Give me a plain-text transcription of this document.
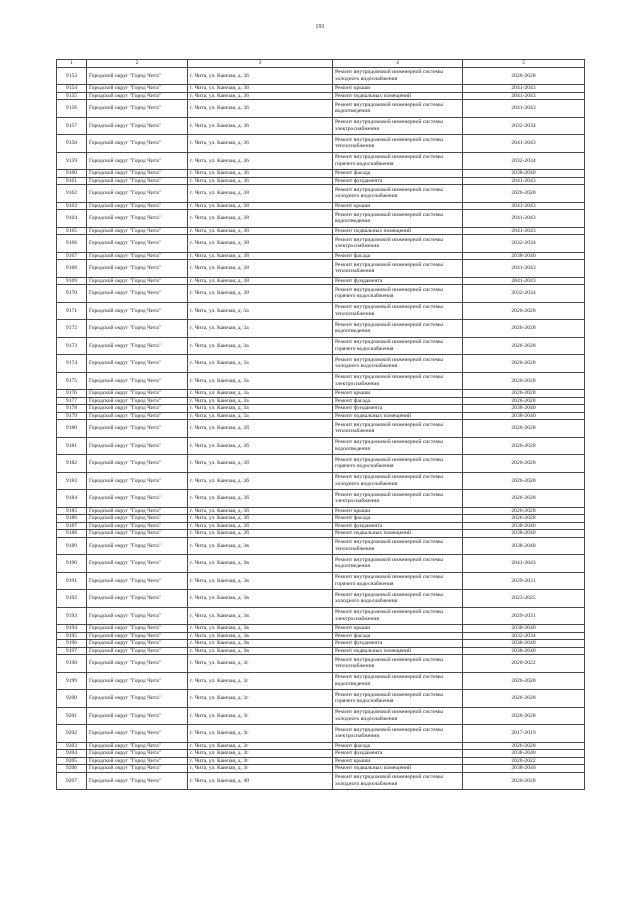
191
1	2	3	4	5
9153	Городской округ "Город Чита"	г. Чита, ул. Каючая, д. 36	Ремонт внутридомовой инженерной системы холодного водоснабжения	2026-2028
9154	Городской округ "Город Чита"	г. Чита, ул. Каючая, д. 36	Ремонт крыши	2041-2043
9155	Городской округ "Город Чита"	г. Чита, ул. Каючая, д. 36	Ремонт подвальных помещений	2041-2043
9156	Городской округ "Город Чита"	г. Чита, ул. Каючая, д. 36	Ремонт внутридомовой инженерной системы водоотведения	2041-2043
9157	Городской округ "Город Чита"	г. Чита, ул. Каючая, д. 36	Ремонт внутридомовой инженерной системы электроснабжения	2032-2034
9158	Городской округ "Город Чита"	г. Чита, ул. Каючая, д. 36	Ремонт внутридомовой инженерной системы теплоснабжения	2041-2043
9159	Городской округ "Город Чита"	г. Чита, ул. Каючая, д. 36	Ремонт внутридомовой инженерной системы горячего водоснабжения	2032-2034
9160	Городской округ "Город Чита"	г. Чита, ул. Каючая, д. 36	Ремонт фасада	2038-2040
9161	Городской округ "Город Чита"	г. Чита, ул. Каючая, д. 36	Ремонт фундамента	2041-2043
9162	Городской округ "Город Чита"	г. Чита, ул. Каючая, д. 38	Ремонт внутридомовой инженерной системы холодного водоснабжения	2026-2028
9163	Городской округ "Город Чита"	г. Чита, ул. Каючая, д. 38	Ремонт крыши	2041-2043
9164	Городской округ "Город Чита"	г. Чита, ул. Каючая, д. 38	Ремонт внутридомовой инженерной системы водоотведения	2041-2043
9165	Городской округ "Город Чита"	г. Чита, ул. Каючая, д. 38	Ремонт подвальных помещений	2041-2043
9166	Городской округ "Город Чита"	г. Чита, ул. Каючая, д. 38	Ремонт внутридомовой инженерной системы электроснабжения	2032-2034
9167	Городской округ "Город Чита"	г. Чита, ул. Каючая, д. 38	Ремонт фасада	2038-2040
9168	Городской округ "Город Чита"	г. Чита, ул. Каючая, д. 38	Ремонт внутридомовой инженерной системы теплоснабжения	2041-2043
9169	Городской округ "Город Чита"	г. Чита, ул. Каючая, д. 38	Ремонт фундамента	2041-2043
9170	Городской округ "Город Чита"	г. Чита, ул. Каючая, д. 38	Ремонт внутридомовой инженерной системы горячего водоснабжения	2032-2034
9171	Городской округ "Город Чита"	г. Чита, ул. Каючая, д. 3а	Ремонт внутридомовой инженерной системы теплоснабжения	2026-2028
9172	Городской округ "Город Чита"	г. Чита, ул. Каючая, д. 3а	Ремонт внутридомовой инженерной системы водоотведения	2026-2028
9173	Городской округ "Город Чита"	г. Чита, ул. Каючая, д. 3а	Ремонт внутридомовой инженерной системы горячего водоснабжения	2026-2028
9174	Городской округ "Город Чита"	г. Чита, ул. Каючая, д. 3а	Ремонт внутридомовой инженерной системы холодного водоснабжения	2026-2028
9175	Городской округ "Город Чита"	г. Чита, ул. Каючая, д. 3а	Ремонт внутридомовой инженерной системы электроснабжения	2026-2028
9176	Городской округ "Город Чита"	г. Чита, ул. Каючая, д. 3а	Ремонт крыши	2026-2028
9177	Городской округ "Город Чита"	г. Чита, ул. Каючая, д. 3а	Ремонт фасада	2026-2028
9178	Городской округ "Город Чита"	г. Чита, ул. Каючая, д. 3а	Ремонт фундамента	2038-2040
9179	Городской округ "Город Чита"	г. Чита, ул. Каючая, д. 3а	Ремонт подвальных помещений	2038-2040
9180	Городской округ "Город Чита"	г. Чита, ул. Каючая, д. 3б	Ремонт внутридомовой инженерной системы теплоснабжения	2026-2028
9181	Городской округ "Город Чита"	г. Чита, ул. Каючая, д. 3б	Ремонт внутридомовой инженерной системы водоотведения	2026-2028
9182	Городской округ "Город Чита"	г. Чита, ул. Каючая, д. 3б	Ремонт внутридомовой инженерной системы горячего водоснабжения	2026-2028
9183	Городской округ "Город Чита"	г. Чита, ул. Каючая, д. 3б	Ремонт внутридомовой инженерной системы холодного водоснабжения	2026-2028
9184	Городской округ "Город Чита"	г. Чита, ул. Каючая, д. 3б	Ремонт внутридомовой инженерной системы электроснабжения	2026-2028
9185	Городской округ "Город Чита"	г. Чита, ул. Каючая, д. 3б	Ремонт крыши	2026-2028
9186	Городской округ "Город Чита"	г. Чита, ул. Каючая, д. 3б	Ремонт фасада	2026-2028
9187	Городской округ "Город Чита"	г. Чита, ул. Каючая, д. 3б	Ремонт фундамента	2038-2040
9188	Городской округ "Город Чита"	г. Чита, ул. Каючая, д. 3б	Ремонт подвальных помещений	2038-2040
9189	Городской округ "Город Чита"	г. Чита, ул. Каючая, д. 3в	Ремонт внутридомовой инженерной системы теплоснабжения	2038-2040
9190	Городской округ "Город Чита"	г. Чита, ул. Каючая, д. 3в	Ремонт внутридомовой инженерной системы водоотведения	2041-2043
9191	Городской округ "Город Чита"	г. Чита, ул. Каючая, д. 3в	Ремонт внутридомовой инженерной системы горячего водоснабжения	2029-2031
9192	Городской округ "Город Чита"	г. Чита, ул. Каючая, д. 3в	Ремонт внутридомовой инженерной системы холодного водоснабжения	2023-2025
9193	Городской округ "Город Чита"	г. Чита, ул. Каючая, д. 3в	Ремонт внутридомовой инженерной системы электроснабжения	2029-2031
9194	Городской округ "Город Чита"	г. Чита, ул. Каючая, д. 3в	Ремонт крыши	2038-2040
9195	Городской округ "Город Чита"	г. Чита, ул. Каючая, д. 3в	Ремонт фасада	2032-2034
9196	Городской округ "Город Чита"	г. Чита, ул. Каючая, д. 3в	Ремонт фундамента	2038-2040
9197	Городской округ "Город Чита"	г. Чита, ул. Каючая, д. 3в	Ремонт подвальных помещений	2038-2040
9198	Городской округ "Город Чита"	г. Чита, ул. Каючая, д. 3г	Ремонт внутридомовой инженерной системы теплоснабжения	2020-2022
9199	Городской округ "Город Чита"	г. Чита, ул. Каючая, д. 3г	Ремонт внутридомовой инженерной системы водоотведения	2026-2028
9200	Городской округ "Город Чита"	г. Чита, ул. Каючая, д. 3г	Ремонт внутридомовой инженерной системы горячего водоснабжения	2026-2028
9201	Городской округ "Город Чита"	г. Чита, ул. Каючая, д. 3г	Ремонт внутридомовой инженерной системы холодного водоснабжения	2026-2028
9202	Городской округ "Город Чита"	г. Чита, ул. Каючая, д. 3г	Ремонт внутридомовой инженерной системы электроснабжения	2017-2019
9203	Городской округ "Город Чита"	г. Чита, ул. Каючая, д. 3г	Ремонт фасада	2026-2028
9204	Городской округ "Город Чита"	г. Чита, ул. Каючая, д. 3г	Ремонт фундамента	2038-2040
9205	Городской округ "Город Чита"	г. Чита, ул. Каючая, д. 3г	Ремонт крыши	2020-2022
9206	Городской округ "Город Чита"	г. Чита, ул. Каючая, д. 3г	Ремонт подвальных помещений	2038-2040
9207	Городской округ "Город Чита"	г. Чита, ул. Каючая, д. 40	Ремонт внутридомовой инженерной системы холодного водоснабжения	2026-2028
